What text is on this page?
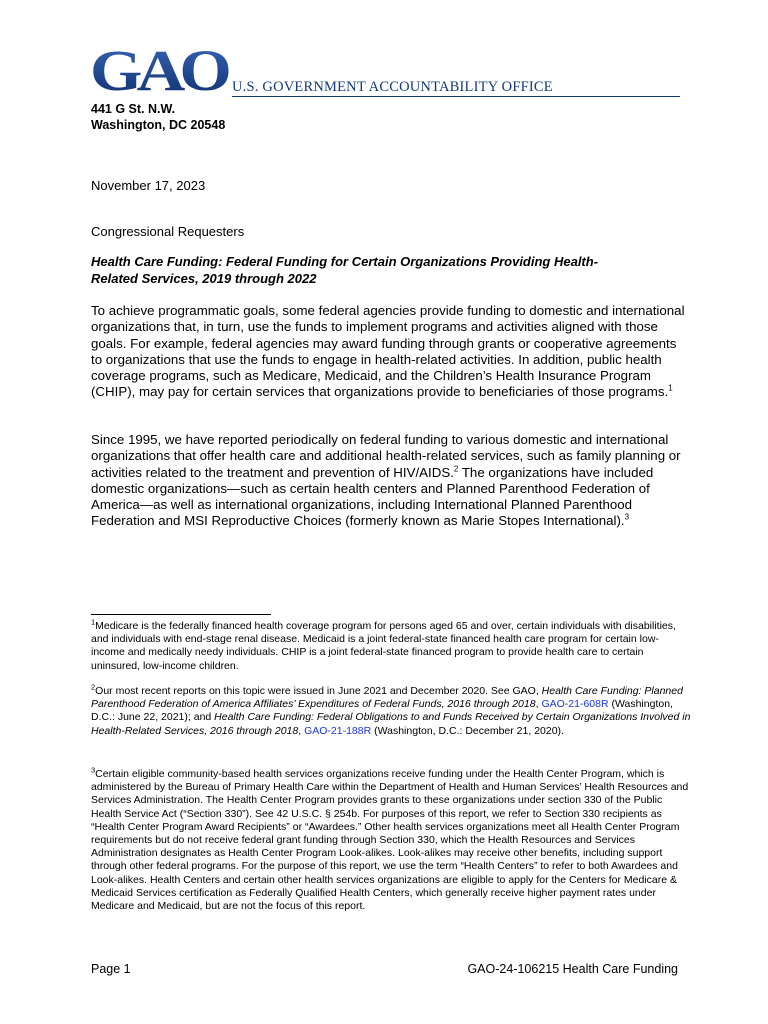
GAO U.S. GOVERNMENT ACCOUNTABILITY OFFICE
441 G St. N.W.
Washington, DC 20548
November 17, 2023
Congressional Requesters
Health Care Funding: Federal Funding for Certain Organizations Providing Health-
Related Services, 2019 through 2022

To achieve programmatic goals, some federal agencies provide funding to domestic and international organizations that, in turn, use the funds to implement programs and activities aligned with those goals. For example, federal agencies may award funding through grants or cooperative agreements to organizations that use the funds to engage in health-related activities. In addition, public health coverage programs, such as Medicare, Medicaid, and the Children’s Health Insurance Program (CHIP), may pay for certain services that organizations provide to beneficiaries of those programs.$^1$

Since 1995, we have reported periodically on federal funding to various domestic and international organizations that offer health care and additional health-related services, such as family planning or activities related to the treatment and prevention of HIV/AIDS.$^2$ The organizations have included domestic organizations—such as certain health centers and Planned Parenthood Federation of America—as well as international organizations, including International Planned Parenthood Federation and MSI Reproductive Choices (formerly known as Marie Stopes International).$^3$

$^1$Medicare is the federally financed health coverage program for persons aged 65 and over, certain individuals with disabilities, and individuals with end-stage renal disease. Medicaid is a joint federal-state financed health care program for certain low-income and medically needy individuals. CHIP is a joint federal-state financed program to provide health care to certain uninsured, low-income children.

$^2$Our most recent reports on this topic were issued in June 2021 and December 2020. See GAO, Health Care Funding: Planned Parenthood Federation of America Affiliates’ Expenditures of Federal Funds, 2016 through 2018, GAO-21-608R (Washington, D.C.: June 22, 2021); and Health Care Funding: Federal Obligations to and Funds Received by Certain Organizations Involved in Health-Related Services, 2016 through 2018, GAO-21-188R (Washington, D.C.: December 21, 2020).

$^3$Certain eligible community-based health services organizations receive funding under the Health Center Program, which is administered by the Bureau of Primary Health Care within the Department of Health and Human Services’ Health Resources and Services Administration. The Health Center Program provides grants to these organizations under section 330 of the Public Health Service Act (“Section 330”). See 42 U.S.C. § 254b. For purposes of this report, we refer to Section 330 recipients as “Health Center Program Award Recipients” or “Awardees.” Other health services organizations meet all Health Center Program requirements but do not receive federal grant funding through Section 330, which the Health Resources and Services Administration designates as Health Center Program Look-alikes. Look-alikes may receive other benefits, including support through other federal programs. For the purpose of this report, we use the term “Health Centers” to refer to both Awardees and Look-alikes. Health Centers and certain other health services organizations are eligible to apply for the Centers for Medicare & Medicaid Services certification as Federally Qualified Health Centers, which generally receive higher payment rates under Medicare and Medicaid, but are not the focus of this report.

Page 1	GAO-24-106215 Health Care Funding
